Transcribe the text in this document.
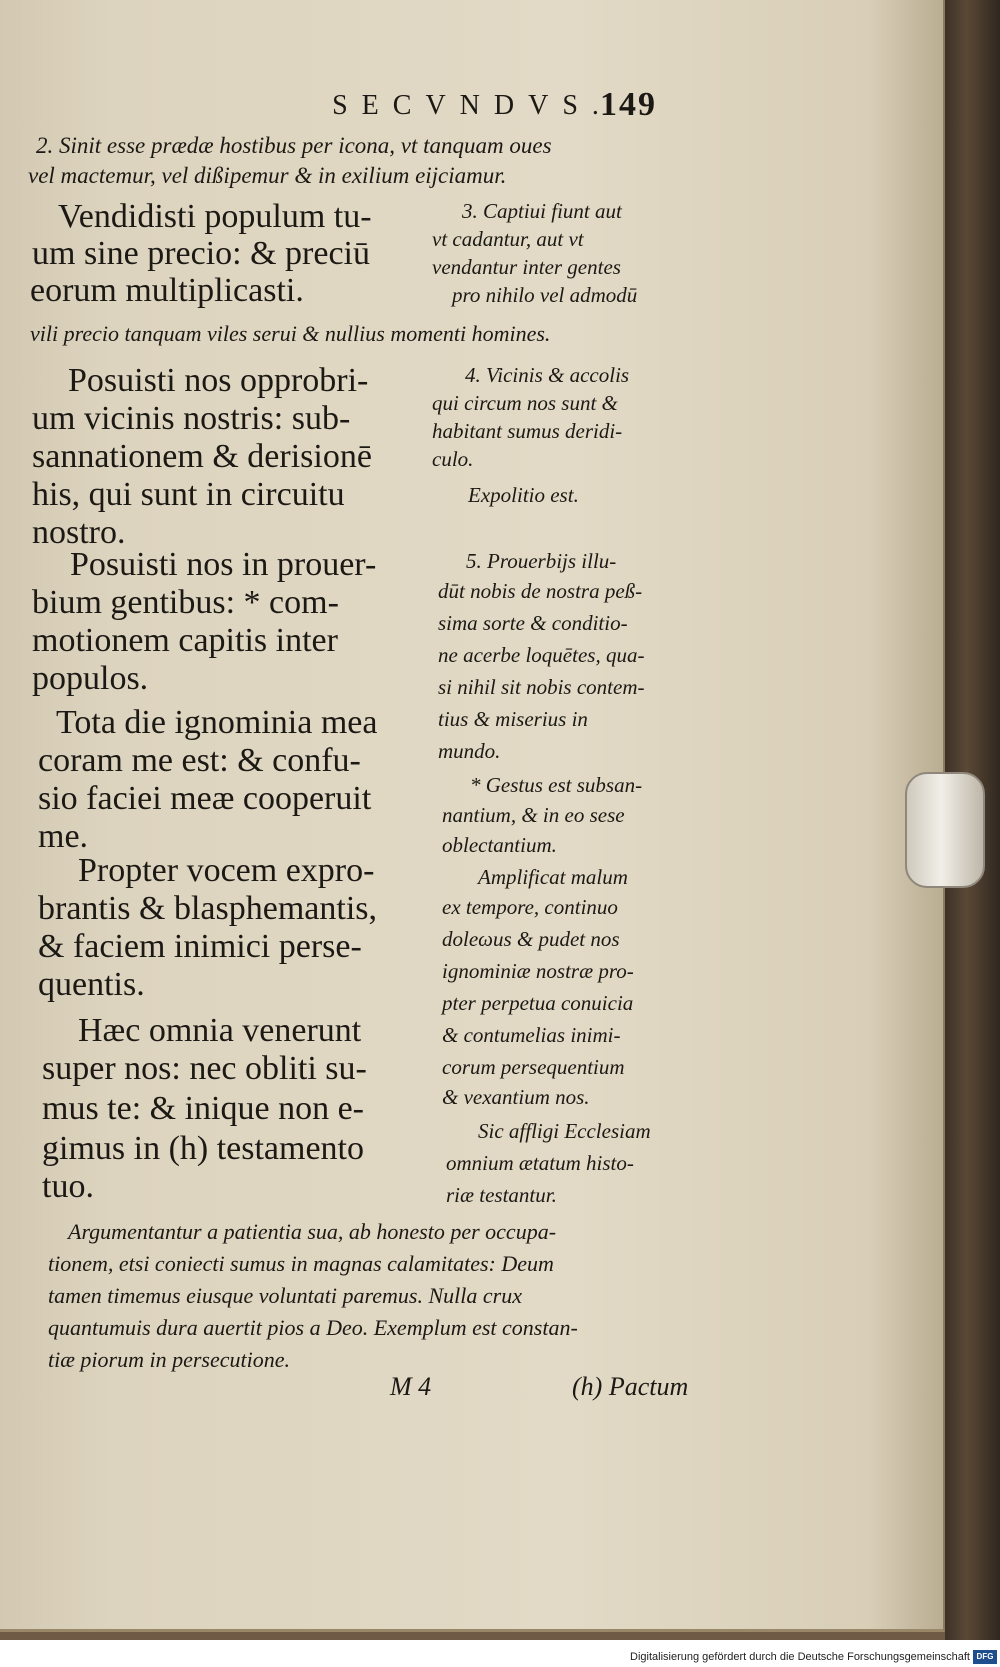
SECVNDVS.
149
2. Sinit esse prædæ hostibus per icona, vt tanquam oues
vel mactemur, vel dißipemur & in exilium eijciamur.
Vendidisti populum tu-
um sine precio: & preciū
eorum multiplicasti.
3. Captiui fiunt aut
vt cadantur, aut vt
vendantur inter gentes
pro nihilo vel admodū
vili precio tanquam viles serui & nullius momenti homines.
Posuisti nos opprobri-
um vicinis nostris: sub-
sannationem & derisionē
his, qui sunt in circuitu
nostro.
4. Vicinis & accolis
qui circum nos sunt &
habitant sumus deridi-
culo.
Expolitio est.
Posuisti nos in prouer-
bium gentibus: * com-
motionem capitis inter
populos.
5. Prouerbijs illu-
dūt nobis de nostra peß-
sima sorte & conditio-
ne acerbe loquētes, qua-
si nihil sit nobis contem-
tius & miserius in
mundo.
* Gestus est subsan-
nantium, & in eo sese
oblectantium.
Tota die ignominia mea
coram me est: & confu-
sio faciei meæ cooperuit
me.
Propter vocem expro-
brantis & blasphemantis,
& faciem inimici perse-
quentis.
Amplificat malum
ex tempore, continuo
doleωus & pudet nos
ignominiæ nostræ pro-
pter perpetua conuicia
& contumelias inimi-
corum persequentium
& vexantium nos.
Hæc omnia venerunt
super nos: nec obliti su-
mus te: & inique non e-
gimus in (h) testamento
tuo.
Sic affligi Ecclesiam
omnium ætatum histo-
riæ testantur.
Argumentantur a patientia sua, ab honesto per occupa-
tionem, etsi coniecti sumus in magnas calamitates: Deum
tamen timemus eiusque voluntati paremus. Nulla crux
quantumuis dura auertit pios a Deo. Exemplum est constan-
tiæ piorum in persecutione.
M 4	(h) Pactum
Digitalisierung gefördert durch die Deutsche Forschungsgemeinschaft DFG
